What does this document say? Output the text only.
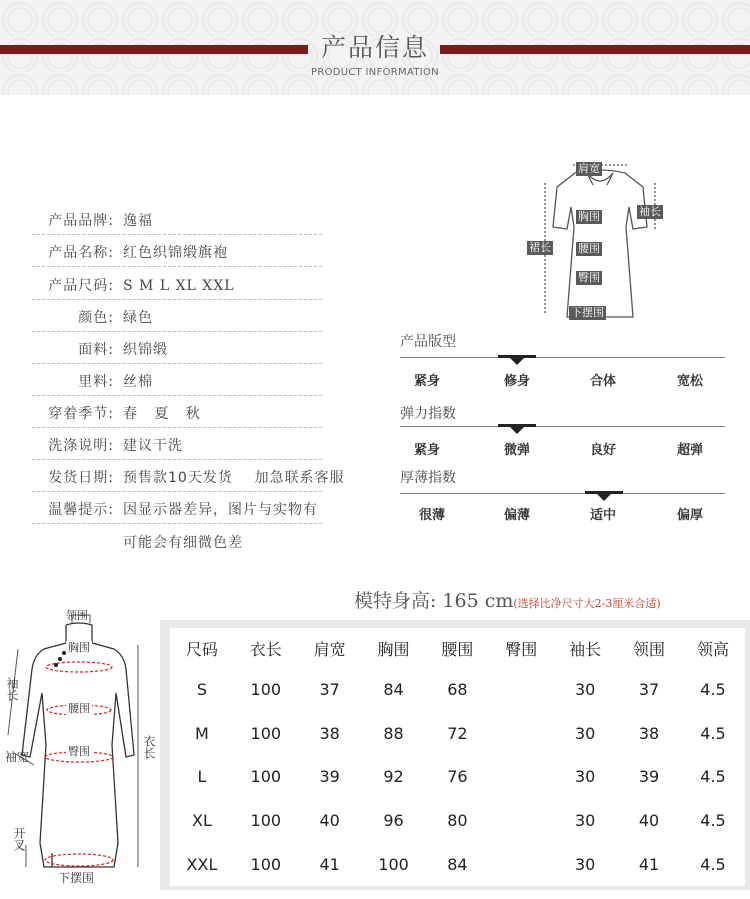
产品信息
PRODUCT INFORMATION
产品品牌: 逸福
产品名称: 红色织锦缎旗袍
产品尺码: S M L XL XXL
颜色: 绿色
面料: 织锦缎
里料: 丝棉
穿着季节: 春   夏   秋
洗涤说明: 建议干洗
发货日期: 预售款10天发货    加急联系客服
温馨提示: 因显示器差异，图片与实物有
可能会有细微色差
肩宽
胸围	袖长
裙长 腰围
臀围
下摆围
产品版型
紧身	修身	合体	宽松
弹力指数
紧身	微弹	良好	超弹
厚薄指数
很薄	偏薄	适中	偏厚
模特身高: 165 cm(选择比净尺寸大2-3厘米合适)
领围
胸围
袖长
腰围
袖宽	臀围	衣长
开叉
下摆围
尺码	衣长	肩宽	胸围	腰围	臀围	袖长	领围	领高
S	100	37	84	68		30	37	4.5
M	100	38	88	72		30	38	4.5
L	100	39	92	76		30	39	4.5
XL	100	40	96	80		30	40	4.5
XXL	100	41	100	84		30	41	4.5
